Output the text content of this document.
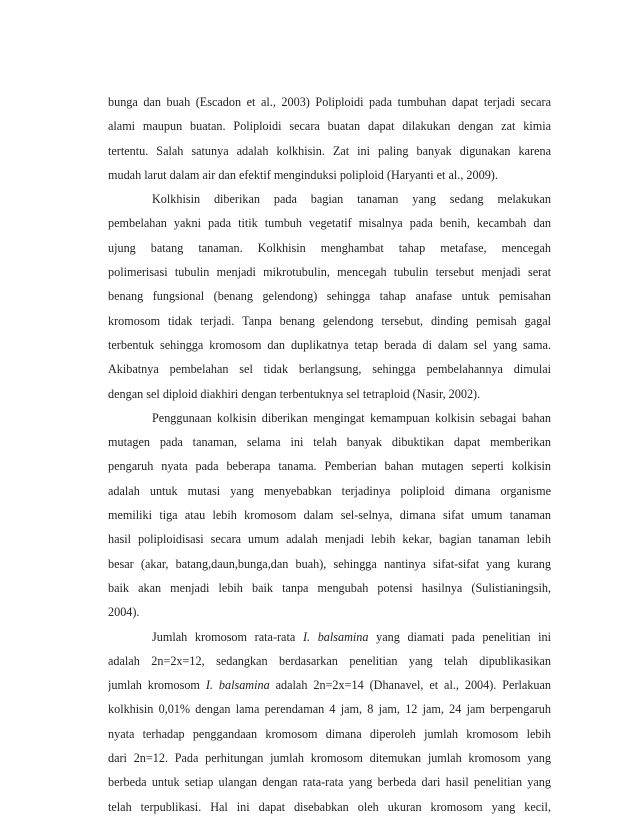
bunga dan buah (Escadon et al., 2003) Poliploidi pada tumbuhan dapat terjadi secara
alami maupun buatan. Poliploidi secara buatan dapat dilakukan dengan zat kimia
tertentu. Salah satunya adalah kolkhisin. Zat ini paling banyak digunakan karena
mudah larut dalam air dan efektif menginduksi poliploid (Haryanti et al., 2009).
Kolkhisin diberikan pada bagian tanaman yang sedang melakukan
pembelahan yakni pada titik tumbuh vegetatif misalnya pada benih, kecambah dan
ujung batang tanaman. Kolkhisin menghambat tahap metafase, mencegah
polimerisasi tubulin menjadi mikrotubulin, mencegah tubulin tersebut menjadi serat
benang fungsional (benang gelendong) sehingga tahap anafase untuk pemisahan
kromosom tidak terjadi. Tanpa benang gelendong tersebut, dinding pemisah gagal
terbentuk sehingga kromosom dan duplikatnya tetap berada di dalam sel yang sama.
Akibatnya pembelahan sel tidak berlangsung, sehingga pembelahannya dimulai
dengan sel diploid diakhiri dengan terbentuknya sel tetraploid (Nasir, 2002).
Penggunaan kolkisin diberikan mengingat kemampuan kolkisin sebagai bahan
mutagen pada tanaman, selama ini telah banyak dibuktikan dapat memberikan
pengaruh nyata pada beberapa tanama. Pemberian bahan mutagen seperti kolkisin
adalah untuk mutasi yang menyebabkan terjadinya poliploid dimana organisme
memiliki tiga atau lebih kromosom dalam sel-selnya, dimana sifat umum tanaman
hasil poliploidisasi secara umum adalah menjadi lebih kekar, bagian tanaman lebih
besar (akar, batang,daun,bunga,dan buah), sehingga nantinya sifat-sifat yang kurang
baik akan menjadi lebih baik tanpa mengubah potensi hasilnya (Sulistianingsih,
2004).
Jumlah kromosom rata-rata I. balsamina yang diamati pada penelitian ini
adalah 2n=2x=12, sedangkan berdasarkan penelitian yang telah dipublikasikan
jumlah kromosom I. balsamina adalah 2n=2x=14 (Dhanavel, et al., 2004). Perlakuan
kolkhisin 0,01% dengan lama perendaman 4 jam, 8 jam, 12 jam, 24 jam berpengaruh
nyata terhadap penggandaan kromosom dimana diperoleh jumlah kromosom lebih
dari 2n=12. Pada perhitungan jumlah kromosom ditemukan jumlah kromosom yang
berbeda untuk setiap ulangan dengan rata-rata yang berbeda dari hasil penelitian yang
telah terpublikasi. Hal ini dapat disebabkan oleh ukuran kromosom yang kecil,
